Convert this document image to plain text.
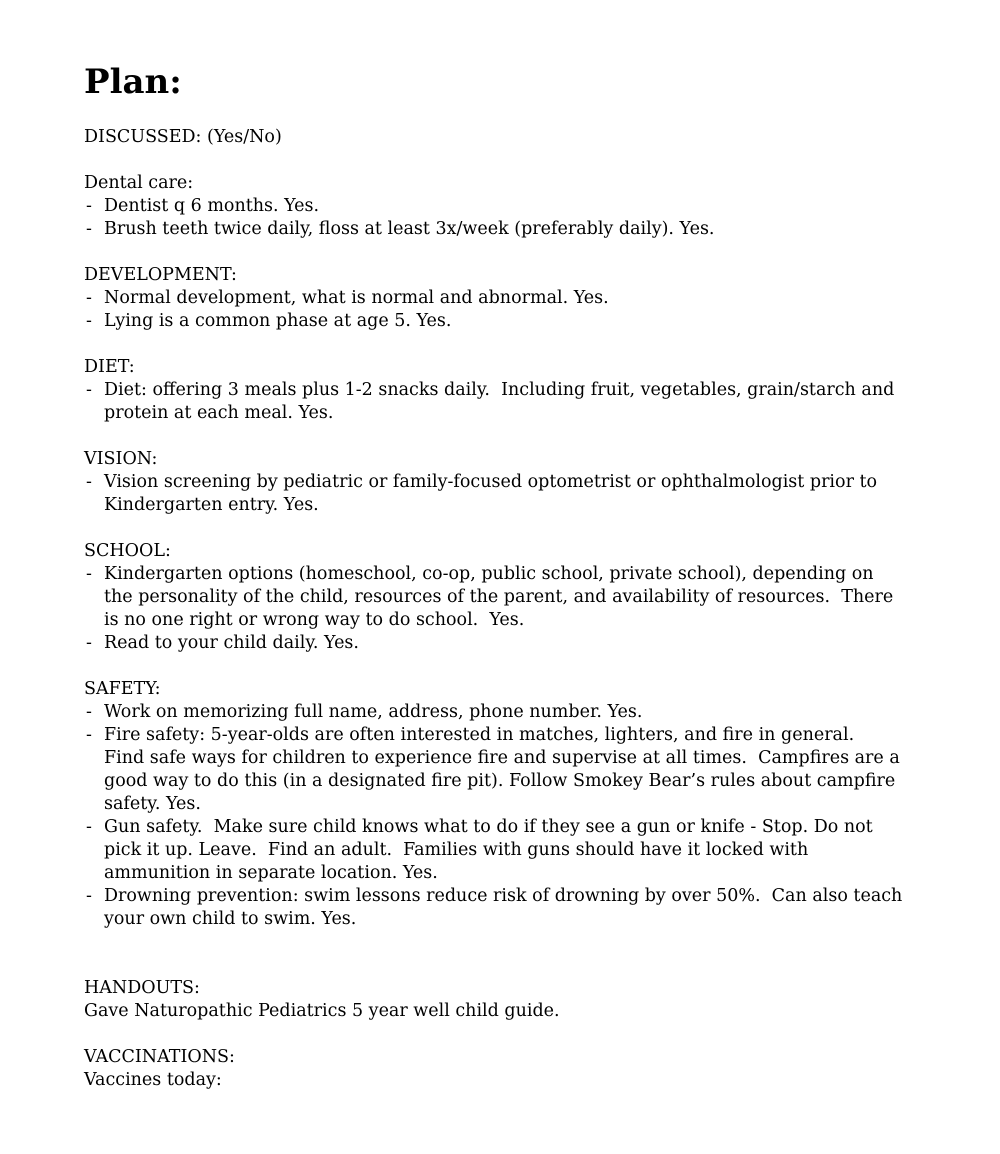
Plan:

DISCUSSED: (Yes/No)

Dental care:

- Dentist q 6 months. Yes.
- Brush teeth twice daily, floss at least 3x/week (preferably daily). Yes.

DEVELOPMENT:

- Normal development, what is normal and abnormal. Yes.
- Lying is a common phase at age 5. Yes.

DIET:

- Diet: offering 3 meals plus 1-2 snacks daily.  Including fruit, vegetables, grain/starch and protein at each meal. Yes.

VISION:

- Vision screening by pediatric or family-focused optometrist or ophthalmologist prior to Kindergarten entry. Yes.

SCHOOL:

- Kindergarten options (homeschool, co-op, public school, private school), depending on the personality of the child, resources of the parent, and availability of resources.  There is no one right or wrong way to do school.  Yes.
- Read to your child daily. Yes.

SAFETY:

- Work on memorizing full name, address, phone number. Yes.
- Fire safety: 5-year-olds are often interested in matches, lighters, and fire in general.  Find safe ways for children to experience fire and supervise at all times.  Campfires are a good way to do this (in a designated fire pit). Follow Smokey Bear’s rules about campfire safety. Yes.
- Gun safety.  Make sure child knows what to do if they see a gun or knife - Stop. Do not pick it up. Leave.  Find an adult.  Families with guns should have it locked with ammunition in separate location. Yes.
- Drowning prevention: swim lessons reduce risk of drowning by over 50%.  Can also teach your own child to swim. Yes.

HANDOUTS:

Gave Naturopathic Pediatrics 5 year well child guide.

VACCINATIONS:

Vaccines today:
